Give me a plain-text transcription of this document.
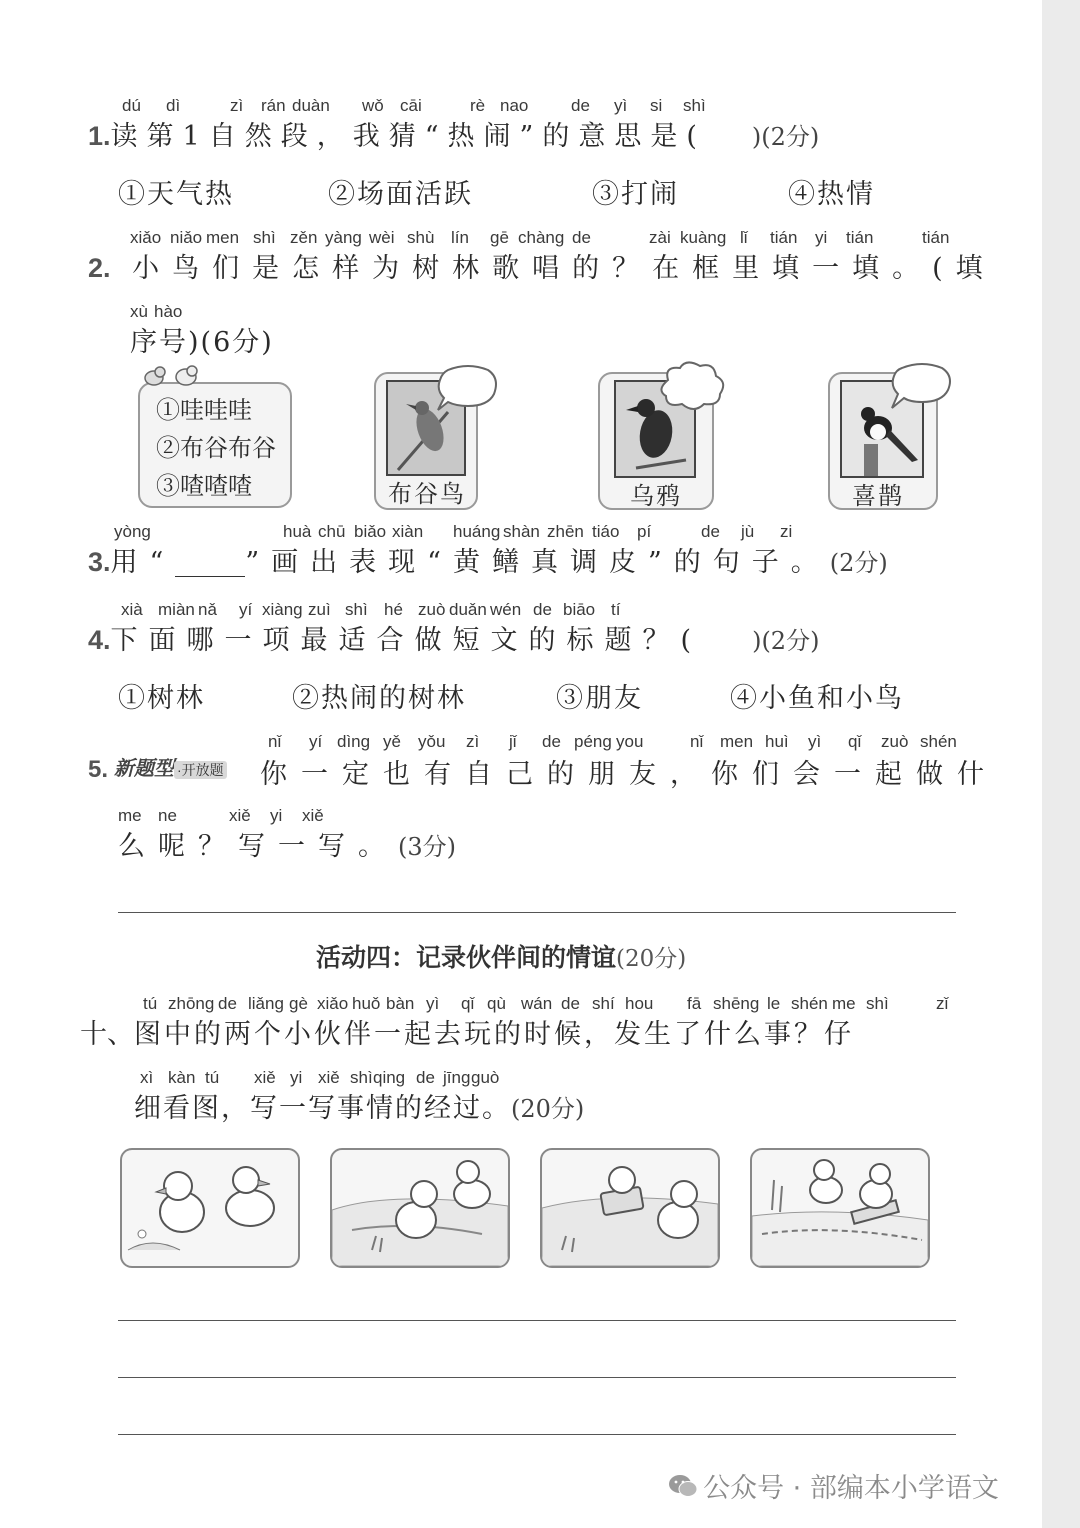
dú dì	zì rán duàn wǒ cāi	rè nao	de yì si shì
1.读第1自然段，我猜“热闹”的意思是( )(2分)
①天气热	②场面活跃	③打闹	④热情
xiǎo niǎo men shì zěn yàng wèi shù lín gē chàng de	zài kuàng lǐ tián yi tián	tián
2. 小鸟们是怎样为树林歌唱的？在框里填一填。(填
xù hào
序号)(6分)
①哇哇哇
②布谷布谷
③喳喳喳	布谷鸟	乌鸦	喜鹊
yòng	huà chū biǎo xiàn huáng shàn zhēn tiáo pí	de jù zi
3.用“	”画出表现“黄鳝真调皮”的句子。(2分)
xià miàn nǎ yí xiàng zuì shì hé zuò duǎn wén de biāo tí
4.下面哪一项最适合做短文的标题？( )(2分)
①树林	②热闹的树林	③朋友	④小鱼和小鸟
nǐ yí dìng yě yǒu zì jǐ de péng you	nǐ men huì yì qǐ zuò shén
5. 新题型 ·开放题 你一定也有自己的朋友，你们会一起做什
me ne	xiě yi xiě
么呢？写一写。(3分)
活动四：记录伙伴间的情谊(20分)
tú zhōng de liǎng gè xiǎo huǒ bàn yì qǐ qù wán de shí hou fā shēng le shén me shì	zǐ
十、图中的两个小伙伴一起去玩的时候，发生了什么事？仔
xì kàn tú xiě yi xiě shì qing de jīng guò
细看图，写一写事情的经过。(20分)
公众号 · 部编本小学语文
